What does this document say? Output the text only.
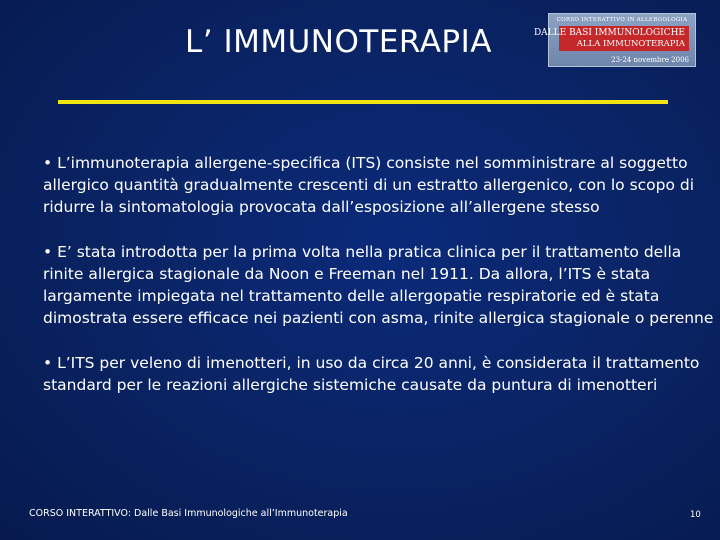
L’ IMMUNOTERAPIA
CORSO INTERATTIVO IN ALLERGOLOGIA
DALLE BASI IMMUNOLOGICHE
ALLA IMMUNOTERAPIA
23-24 novembre 2006

• L’immunoterapia allergene-specifica (ITS) consiste nel somministrare al soggetto allergico quantità gradualmente crescenti di un estratto allergenico, con lo scopo di ridurre la sintomatologia provocata dall’esposizione all’allergene stesso

• E’ stata introdotta per la prima volta nella pratica clinica per il trattamento della rinite allergica stagionale da Noon e Freeman nel 1911. Da allora, l’ITS è stata largamente impiegata nel trattamento delle allergopatie respiratorie ed è stata dimostrata essere efficace nei pazienti con asma, rinite allergica stagionale o perenne

• L’ITS per veleno di imenotteri, in uso da circa 20 anni, è considerata il trattamento standard per le reazioni allergiche sistemiche causate da puntura di imenotteri

CORSO INTERATTIVO: Dalle Basi Immunologiche all’Immunoterapia	10
